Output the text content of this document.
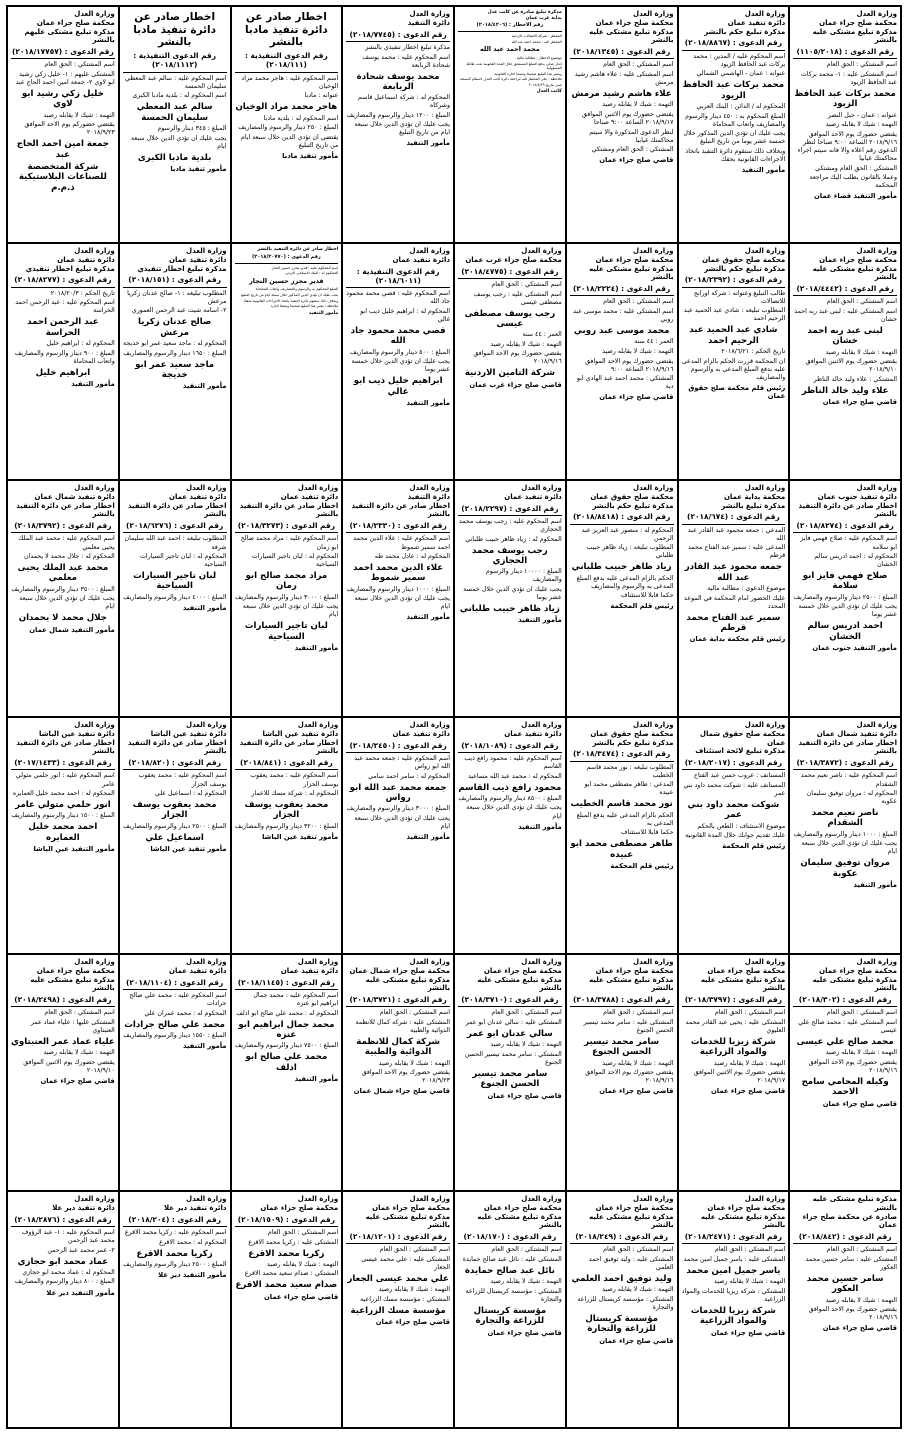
وزارة العدل
محكمة صلح جزاء عمان
مذكرة تبليغ مشتكى عليه بالنشر
رقم الدعوى : (١١٠٥/٢٠١٨)

اسم المشتكي : الحق العام

اسم المشتكى عليه : ١- محمد بركات عبد الحافظ الزيود

محمد بركات عبد الحافظ الزيود

عنوانه : عمان - جبل النصر

التهمة : شيك لا يقابله رصيد

يقتضي حضورك يوم الاحد الموافق ٢٠١٨/٩/١٦ الساعة ٩:٠٠ صباحا لنظر الدعوى رقم اعلاه والا فانه سيتم اجراء محاكمتك غيابيا

المشتكي : الحق العام ومشتكي

وعملا بالقانون يطلب اليك مراجعة المحكمة

مأمور التنفيذ قضاء عمان
وزارة العدل
دائرة تنفيذ عمان
مذكرة تبليغ حكم بالنشر
رقم الدعوى : (٢٠١٨/٨٨٦٧)

اسم المحكوم عليه / المدين : محمد بركات عبد الحافظ الزيود

عنوانه : عمان - الهاشمي الشمالي

محمد بركات عبد الحافظ الزيود

المحكوم له / الدائن : البنك العربي

المبلغ المحكوم به : ٤٥٠ دينار والرسوم والمصاريف واتعاب المحاماة

يجب عليك ان تؤدي الدين المذكور خلال خمسة عشر يوما من تاريخ التبليغ

وبخلاف ذلك ستقوم دائرة التنفيذ باتخاذ الاجراءات القانونية بحقك

مأمور التنفيذ
وزارة العدل
محكمة صلح جزاء عمان
مذكرة تبليغ مشتكى عليه بالنشر
رقم الدعوى : (٢٠١٨/١٣٤٥)

اسم المشتكي : الحق العام

اسم المشتكى عليه : علاء هاشم رشيد مرمش

علاء هاشم رشيد مرمش

التهمة : شيك لا يقابله رصيد

يقتضي حضورك يوم الاثنين الموافق ٢٠١٨/٩/١٧ الساعة ٩:٠٠ صباحا

لنظر الدعوى المذكورة والا سيتم محاكمتك غيابيا

المشتكي : الحق العام ومشتكي

قاضي صلح جزاء عمان
مذكرة تبليغ صادرة عن كاتب عدل
بداية غرب عمان
رقم الاخطار : (٢٠١٨/٤٢٠٦)

المخطر : شركة الاتصالات الاردنية

المخطر اليه : محمد احمد عبد الله

محمد احمد عبد الله

موضوع الاخطار : مطالبة مالية

انذار عدلي بدفع المبلغ المستحق خلال المدة القانونية تحت طائلة المسؤولية

ويعتبر هذا التبليغ صحيحا ومنتجا لاثاره القانونية

ملاحظة : على المخطر اليه مراجعة دائرة كاتب العدل لاستلام النسخة

صدر بتاريخ ٢٠١٨/٨/٢٩

كاتب العدل
وزارة العدل
دائرة التنفيذ
رقم الدعوى : (٢٠١٨/٧٧٤٥)

مذكرة تبليغ اخطار تنفيذي بالنشر

اسم المحكوم عليه : محمد يوسف شحادة الربابعة

محمد يوسف شحادة الربابعة

المحكوم له : شركة اسماعيل قاسم وشركاه

المبلغ : ١٢٠٠ دينار والرسوم والمصاريف

يجب عليك ان تؤدي الدين خلال سبعة ايام من تاريخ التبليغ

مأمور التنفيذ
اخطار صادر عن دائرة تنفيذ مادبا بالنشر
رقم الدعوى التنفيذية : (٢٠١٨/١١١)

اسم المحكوم عليه : هاجر محمد مراد الوخيان

عنوانه : مادبا

هاجر محمد مراد الوخيان

اسم المحكوم له : بلدية مادبا

المبلغ : ٢٥٠ دينار والرسوم والمصاريف

يقتضي ان تؤدي الدين خلال سبعة ايام من تاريخ التبليغ

مأمور تنفيذ مادبا
اخطار صادر عن دائرة تنفيذ مادبا بالنشر
رقم الدعوى التنفيذية : (٢٠١٨/١١١٢)

اسم المحكوم عليه : سالم عبد المعطي سليمان الحمسة

اسم المحكوم له : بلدية مادبا الكبرى

سالم عبد المعطي سليمان الحمسة

المبلغ : ٣٤٥ دينار والرسوم

يجب عليك ان تؤدي الدين خلال سبعة ايام

بلدية مادبا الكبرى
مأمور تنفيذ مادبا
وزارة العدل
محكمة صلح جزاء عمان
مذكرة تبليغ مشتكى عليهم بالنشر
رقم الدعوى : (٢٠١٨/١٧٧٥٧)

اسم المشتكي : الحق العام

المشتكى عليهم : ١- خليل زكي رشيد ابو لاوي ٢- جمعة امين احمد الحاج عبد

خليل زكي رشيد ابو لاوي

التهمة : شيك لا يقابله رصيد

يقتضي حضوركم يوم الاحد الموافق ٢٠١٨/٩/٢٣

جمعة امين احمد الحاج عبد
شركة المتخصصة للصناعات البلاستيكية ذ.م.م
وزارة العدل
محكمة صلح جزاء عمان
مذكرة تبليغ مشتكى عليه بالنشر
رقم الدعوى : (٢٠١٨/٤٤٤٢)

اسم المشتكي : الحق العام

اسم المشتكى عليه : لبنى عبد ربه احمد خشان

لبنى عبد ربه احمد خشان

التهمة : شيك لا يقابله رصيد

يقتضي حضورك يوم الاثنين الموافق ٢٠١٨/٩/١٠

المشتكي : علاء وليد خالد الناظر

علاء وليد خالد الناظر
قاضي صلح جزاء عمان
وزارة العدل
محكمة صلح حقوق عمان
مذكرة تبليغ حكم بالنشر
رقم الدعوى : (٢٠١٨/٢٣٩٢)

طالب التبليغ وعنوانه : شركة اورانج للاتصالات

المطلوب تبليغه : شادي عبد الحميد عبد الرحيم احمد

شادي عبد الحميد عبد الرحيم احمد

تاريخ الحكم : ٢٠١٨/٦/٢١

ان المحكمة قررت الحكم بالزام المدعى عليه بدفع المبلغ المدعى به والرسوم والمصاريف

رئيس قلم محكمة صلح حقوق عمان
وزارة العدل
محكمة صلح جزاء عمان
مذكرة تبليغ مشتكى عليه بالنشر
رقم الدعوى : (٢٠١٨/٢٢٢٤)

اسم المشتكي : الحق العام

اسم المشتكى عليه : محمد موسى عبد روبي

محمد موسى عبد روبي

العمر : ٤٤ سنة

التهمة : شيك لا يقابله رصيد

يقتضي حضورك يوم الاحد الموافق ٢٠١٨/٩/١٦ الساعة ٩:٠٠

المشتكي : محمد احمد عبد الهادي ابو دية

قاضي صلح جزاء عمان
وزارة العدل
محكمة صلح جزاء غرب عمان
رقم الدعوى : (٢٠١٨/٤٧٧٥)

اسم المشتكي : الحق العام

اسم المشتكى عليه : رجب يوسف مصطفى عيسى

رجب يوسف مصطفى عيسى

العمر : ٤٤ سنة

التهمة : شيك لا يقابله رصيد

يقتضي حضورك يوم الاحد الموافق ٢٠١٨/٩/١٦

شركة التامين الاردنية
قاضي صلح جزاء غرب عمان
وزارة العدل
دائرة تنفيذ عمان
رقم الدعوى التنفيذية : (٢٠١٨/٦٠١١)

اسم المحكوم عليه : قصي محمد محمود جاد الله

المحكوم له : ابراهيم خليل ذيب ابو غالي

قصي محمد محمود جاد الله

المبلغ : ٥٠٠ دينار والرسوم والمصاريف

يجب عليك ان تؤدي الدين خلال خمسة عشر يوما

ابراهيم خليل ذيب ابو غالي
مأمور التنفيذ
اخطار صادر عن دائرة التنفيذ بالنشر
رقم الدعوى : (٢٠١٨/٢٠٧٧٠)

اسم المحكوم عليه : قدير محرز حسين النجار

المحكوم له : البنك الاسلامي الاردني

قدير محرز حسين النجار

المبلغ المحكوم به والرسوم والمصاريف واتعاب المحاماة

يجب عليك ان تؤدي الدين المذكور خلال سبعة ايام من تاريخ التبليغ

وبخلاف ذلك ستقوم دائرة التنفيذ باتخاذ الاجراءات القانونية بحقك

ملاحظة : يعتبر هذا التبليغ صحيحا ومنتجا لاثاره

مأمور التنفيذ
وزارة العدل
دائرة تنفيذ عمان
مذكرة تبليغ اخطار تنفيذي
رقم الدعوى : (٢٠١٨/١٥١)

المطلوب تبليغه : ١- صالح عدنان زكريا مرعش

٢- اسامة شيت عبد الرحمن العموري

صالح عدنان زكريا مرعش

المحكوم له : ماجد سعيد عمر ابو خديجة

المبلغ : ١٦٥٠ دينار والرسوم والمصاريف

ماجد سعيد عمر ابو خديجة
مأمور التنفيذ
وزارة العدل
دائرة تنفيذ عمان
مذكرة تبليغ اخطار تنفيذي
رقم الدعوى : (٢٠١٨/٨٢٧٧)

تاريخ الحكم : ٢٠١٨/٢٠/٣

اسم المحكوم عليه : عبد الرحمن احمد الحراسة

عبد الرحمن احمد الحراسة

المحكوم له : ابراهيم خليل

المبلغ : ٩٠٠ دينار والرسوم والمصاريف واتعاب المحاماة

ابراهيم خليل
مأمور التنفيذ
وزارة العدل
دائرة تنفيذ جنوب عمان
اخطار صادر عن دائرة التنفيذ بالنشر
رقم الدعوى : (٢٠١٨/٨٢٧٤)

اسم المحكوم عليه : صلاح فهمي فايز ابو سلامة

المحكوم له : احمد ادريس سالم الخشان

صلاح فهمي فايز ابو سلامة

المبلغ : ٢٥٠٠ دينار والرسوم والمصاريف

يجب عليك ان تؤدي الدين خلال خمسة عشر يوما

احمد ادريس سالم الخشان
مأمور التنفيذ جنوب عمان
وزارة العدل
محكمة بداية عمان
مذكرة تبليغ بالنشر
رقم الدعوى : (٢٠١٨/٦٧٤)

المدعي : جمعه محمود عبد القادر عبد الله

المدعى عليه : سمير عبد الفتاح محمد قرطم

جمعه محمود عبد القادر عبد الله

موضوع الدعوى : مطالبة مالية

عليك الحضور امام المحكمة في الموعد المحدد

سمير عبد الفتاح محمد قرطم
رئيس قلم محكمة بداية عمان
وزارة العدل
محكمة صلح حقوق عمان
مذكرة تبليغ حكم بالنشر
رقم الدعوى : (٢٠١٨/٨٤١٨)

المحكوم له : منصور عبد العزيز عبد الرحمن

المطلوب تبليغه : زياد ظاهر حبيب طلباني

زياد ظاهر حبيب طلباني

الحكم بالزام المدعى عليه بدفع المبلغ المدعى به والرسوم والمصاريف

حكما قابلا للاستئناف

رئيس قلم المحكمة
وزارة العدل
دائرة تنفيذ عمان
رقم الدعوى : (٢٠١٨/٢٢٩٧)

اسم المحكوم عليه : رجب يوسف محمد الحجازي

المحكوم له : زياد ظاهر حبيب طلباني

رجب يوسف محمد الحجازي

المبلغ : ١٠٠٠٠ دينار والرسوم والمصاريف

يجب عليك ان تؤدي الدين خلال خمسة عشر يوما

زياد ظاهر حبيب طلباني
مأمور التنفيذ
وزارة العدل
دائرة التنفيذ
اخطار صادر عن دائرة التنفيذ بالنشر
رقم الدعوى : (٢٠١٨/٢٣٣٠)

اسم المحكوم عليه : علاء الدين محمد احمد سمير شموط

المحكوم له : عادل محمد طه

علاء الدين محمد احمد سمير شموط

المبلغ : ١٠٠٠ دينار والرسوم والمصاريف

يجب عليك ان تؤدي الدين خلال سبعة ايام

مأمور التنفيذ
وزارة العدل
دائرة تنفيذ عمان
اخطار صادر عن دائرة التنفيذ بالنشر
رقم الدعوى : (٢٠١٨/٣٢٧٣)

اسم المحكوم عليه : مراد محمد صالح ابو رمان

المحكوم له : لبان تاجير السيارات السياحية

مراد محمد صالح ابو رمان

المبلغ : ٣٠٠٠ دينار والرسوم والمصاريف

يجب عليك ان تؤدي الدين خلال سبعة ايام

لبان تاجير السيارات السياحية
مأمور التنفيذ
وزارة العدل
دائرة تنفيذ عمان
اخطار صادر عن دائرة التنفيذ بالنشر
رقم الدعوى : (٢٠١٨/٦٢٧٦)

المطلوب تبليغه : احمد عبد الله سليمان شرفة

المحكوم له : لبان تاجير السيارات السياحية

لبان تاجير السيارات السياحية

المبلغ : ٤٠٠٠ دينار والرسوم والمصاريف

مأمور التنفيذ
وزارة العدل
دائرة تنفيذ شمال عمان
اخطار صادر عن دائرة التنفيذ بالنشر
رقم الدعوى : (٢٠١٨/٣٧٩٢)

اسم المحكوم عليه : محمد عبد الملك يحيى معلمي

المحكوم له : جلال محمد لا يحمدان

محمد عبد الملك يحيى معلمي

المبلغ : ٣٥٠٠ دينار والرسوم والمصاريف

يجب عليك ان تؤدي الدين خلال سبعة ايام

جلال محمد لا يحمدان
مأمور التنفيذ شمال عمان
وزارة العدل
دائرة تنفيذ شمال عمان
اخطار صادر عن دائرة التنفيذ بالنشر
رقم الدعوى : (٢٠١٨/٣٨٧٢)

اسم المحكوم عليه : ناصر نعيم محمد الشقدام

المحكوم له : مروان توفيق سليمان عكوبة

ناصر نعيم محمد الشقدام

المبلغ : ١٠٠٠ دينار والرسوم والمصاريف

يجب عليك ان تؤدي الدين خلال سبعة ايام

مروان توفيق سليمان عكوبة
مأمور التنفيذ
وزارة العدل
محكمة صلح حقوق شمال عمان
مذكرة تبليغ لائحة استئناف
رقم الدعوى : (٢٠١٨/٢٠١٧)

المستانف : عروب حسن عبد الفتاح

المستانف عليه : شوكت محمد داود بني عمر

شوكت محمد داود بني عمر

موضوع الاستئناف : الطعن بالحكم

عليك تقديم جوابك خلال المدة القانونية

رئيس قلم المحكمة
وزارة العدل
محكمة صلح حقوق عمان
مذكرة تبليغ حكم بالنشر
رقم الدعوى : (٢٠١٨/٣٤٧٤)

المطلوب تبليغه : نور محمد قاسم الخطيب

المدعي : طاهر مصطفى محمد ابو عبيده

نور محمد قاسم الخطيب

الحكم بالزام المدعى عليه بدفع المبلغ المدعى به

حكما قابلا للاستئناف

طاهر مصطفى محمد ابو عبيده
رئيس قلم المحكمة
وزارة العدل
دائرة تنفيذ عمان
رقم الدعوى : (٢٠١٨/١٠٨٩)

اسم المحكوم عليه : محمود رافع ذيب القاسم

المحكوم له : محمد عبد الله مساعيد

محمود رافع ذيب القاسم

المبلغ : ٨٥٠٠ دينار والرسوم والمصاريف

يجب عليك ان تؤدي الدين خلال سبعة ايام

مأمور التنفيذ
وزارة العدل
دائرة تنفيذ عمان
رقم الدعوى : (٢٠١٨/٢٤٥٠)

اسم المحكوم عليه : جمعه محمد عبد الله ابو رواس

المحكوم له : سامر احمد سامي

جمعه محمد عبد الله ابو رواس

المبلغ : ٣٠٠٠ دينار والرسوم والمصاريف

يجب عليك ان تؤدي الدين خلال سبعة ايام

مأمور التنفيذ
وزارة العدل
دائرة تنفيذ عين الباشا
اخطار صادر عن دائرة التنفيذ بالنشر
رقم الدعوى : (٢٠١٨/٨٤١)

اسم المحكوم عليه : محمد يعقوب يوسف الجزار

المحكوم له : شركة مسك للاعمار

محمد يعقوب يوسف الجزار

المبلغ : ٣٢٠٠ دينار والرسوم والمصاريف

مأمور تنفيذ عين الباشا
وزارة العدل
دائرة تنفيذ عين الباشا
اخطار صادر عن دائرة التنفيذ بالنشر
رقم الدعوى : (٢٠١٨/٨٢٠)

اسم المحكوم عليه : محمد يعقوب يوسف الجزار

المحكوم له : اسماعيل علي

محمد يعقوب يوسف الجزار

المبلغ : ٢٥٠٠ دينار والرسوم والمصاريف

اسماعيل علي
مأمور تنفيذ عين الباشا
وزارة العدل
دائرة تنفيذ عين الباشا
اخطار صادر عن دائرة التنفيذ بالنشر
رقم الدعوى : (٢٠١٧/١٤٣٣)

اسم المحكوم عليه : انور حلمي متولي عامر

المحكوم له : احمد محمد خليل العمايره

انور حلمي متولي عامر

المبلغ : ١٥٠٠ دينار والرسوم والمصاريف

احمد محمد خليل العمايره
مأمور التنفيذ عين الباشا
وزارة العدل
محكمة صلح جزاء عمان
مذكرة تبليغ مشتكى عليه بالنشر
رقم الدعوى : (٢٠١٨/٣٠٢)

اسم المشتكي : الحق العام

اسم المشتكى عليه : محمد صالح علي عيسى

محمد صالح علي عيسى

التهمة : شيك لا يقابله رصيد

يقتضي حضورك يوم الاحد الموافق ٢٠١٨/٩/١٦

وكيله المحامي سامح الاحمد
قاضي صلح جزاء عمان
وزارة العدل
محكمة صلح جزاء عمان
مذكرة تبليغ مشتكى عليه بالنشر
رقم الدعوى : (٢٠١٨/٣٧٩٧)

اسم المشتكي : الحق العام

المشتكى عليه : يحيى عبد القادر محمد العليوي

شركة زيزيا للخدمات والمواد الزراعية

التهمة : شيك لا يقابله رصيد

يقتضي حضورك يوم الاثنين الموافق ٢٠١٨/٩/١٧

قاضي صلح جزاء عمان
وزارة العدل
محكمة صلح جزاء عمان
مذكرة تبليغ مشتكى عليه بالنشر
رقم الدعوى : (٢٠١٨/٣٧٨٨)

اسم المشتكي : الحق العام

المشتكى عليه : سامر محمد تيسير الحسن الجنوع

سامر محمد تيسير الحسن الجنوع

التهمة : شيك لا يقابله رصيد

يقتضي حضورك يوم الاحد الموافق ٢٠١٨/٩/١٦

قاضي صلح جزاء عمان
وزارة العدل
محكمة صلح جزاء عمان
مذكرة تبليغ مشتكى عليه بالنشر
رقم الدعوى : (٢٠١٨/٣٧١٠)

اسم المشتكي : الحق العام

المشتكى عليه : سالي عدنان ابو عمر

سالي عدنان ابو عمر

التهمة : شيك لا يقابله رصيد

المشتكي : سامر محمد تيسير الحسن الجنوع

سامر محمد تيسير الحسن الجنوع
قاضي صلح جزاء عمان
وزارة العدل
محكمة صلح جزاء شمال عمان
مذكرة تبليغ مشتكى عليه بالنشر
رقم الدعوى : (٢٠١٨/٣٧٢١)

اسم المشتكي : الحق العام

المشتكى عليه : شركة كمال للانظمة الدوائية والطبية

شركة كمال للانظمة الدوائية والطبية

التهمة : شيك لا يقابله رصيد

يقتضي حضورك يوم الاحد الموافق ٢٠١٨/٩/٢٣

قاضي صلح جزاء شمال عمان
وزارة العدل
دائرة تنفيذ عمان
رقم الدعوى : (٢٠١٨/١١٤٥)

اسم المحكوم عليه : محمد جمال ابراهيم ابو عنزه

المحكوم له : محمد علي صالح ابو ادلف

محمد جمال ابراهيم ابو عنزه

المبلغ : ٧٥٠٠ دينار والرسوم والمصاريف

محمد علي صالح ابو ادلف
مأمور التنفيذ
وزارة العدل
دائرة تنفيذ عمان
رقم الدعوى : (٢٠١٨/١١٠٤)

اسم المحكوم عليه : محمد علي صالح جرادات

المحكوم له : محمد عمران علي

محمد علي صالح جرادات

المبلغ : ١٥٥٠ دينار والرسوم والمصاريف

مأمور التنفيذ
وزارة العدل
محكمة صلح جزاء عمان
مذكرة تبليغ مشتكى عليه بالنشر
رقم الدعوى : (٢٠١٨/٢٤٩٨)

اسم المشتكي : الحق العام

المشتكى عليها : علياء عماد عمر العنبتاوي

علياء عماد عمر العنبتاوي

التهمة : شيك لا يقابله رصيد

يقتضي حضورك يوم الاثنين الموافق ٢٠١٨/٩/١٠

قاضي صلح جزاء عمان
مذكرة تبليغ مشتكى عليه بالنشر
صادرة عن محكمة صلح جزاء عمان
رقم الدعوى : (٢٠١٨/٨٤٢)

اسم المشتكي : الحق العام

المشتكى عليه : سامر حسين محمد العكور

سامر حسين محمد العكور

التهمة : شيك لا يقابله رصيد

يقتضي حضورك يوم الاحد الموافق ٢٠١٨/٩/١٦

قاضي صلح جزاء عمان
وزارة العدل
محكمة صلح جزاء عمان
مذكرة تبليغ مشتكى عليه بالنشر
رقم الدعوى : (٢٠١٨/٢٤٧١)

اسم المشتكي : الحق العام

المشتكى عليه : ياسر جميل امين محمد

ياسر جميل امين محمد

التهمة : شيك لا يقابله رصيد

المشتكي : شركة زيزيا للخدمات والمواد الزراعية

شركة زيزيا للخدمات والمواد الزراعية
قاضي صلح جزاء عمان
وزارة العدل
محكمة صلح جزاء عمان
مذكرة تبليغ مشتكى عليه بالنشر
رقم الدعوى : (٢٠١٨/٢٤٩)

اسم المشتكي : الحق العام

المشتكى عليه : وليد توفيق احمد العلمي

وليد توفيق احمد العلمي

التهمة : شيك لا يقابله رصيد

المشتكي : مؤسسة كريستال للزراعة والتجارة

مؤسسة كريستال للزراعة والتجارة
قاضي صلح جزاء عمان
وزارة العدل
محكمة صلح جزاء عمان
مذكرة تبليغ مشتكى عليه بالنشر
رقم الدعوى : (٢٠١٨/١٧٠)

اسم المشتكي : الحق العام

المشتكى عليه : نائل عبد صالح حمايدة

نائل عبد صالح حمايدة

التهمة : شيك لا يقابله رصيد

المشتكي : مؤسسة كريستال للزراعة والتجارة

مؤسسة كريستال للزراعة والتجارة
قاضي صلح جزاء عمان
وزارة العدل
محكمة صلح جزاء عمان
مذكرة تبليغ مشتكى عليه بالنشر
رقم الدعوى : (٢٠١٨/١٢٠١)

اسم المشتكي : الحق العام

المشتكى عليه : علي محمد عيسى الجعار

علي محمد عيسى الجعار

التهمة : شيك لا يقابله رصيد

المشتكي : مؤسسة مسك الزراعية

مؤسسة مسك الزراعية
قاضي صلح جزاء عمان
وزارة العدل
محكمة صلح جزاء عمان
رقم الدعوى : (٢٠١٨/١٥٠٩)

اسم المشتكي : الحق العام

المشتكى عليه : زكريا محمد الاقرع

زكريا محمد الاقرع

التهمة : شيك لا يقابله رصيد

المشتكي : صدام سعيد محمد الاقرع

صدام سعيد محمد الاقرع
قاضي صلح جزاء عمان
وزارة العدل
دائرة تنفيذ دير علا
رقم الدعوى : (٢٠١٨/٢٠٤)

اسم المحكوم عليه : زكريا محمد الاقرع

المحكوم له : محمد الاقرع

زكريا محمد الاقرع

المبلغ : ٢٥٠٠ دينار والرسوم والمصاريف

مأمور التنفيذ دير علا
وزارة العدل
دائرة تنفيذ دير علا
رقم الدعوى : (٢٠١٨/٢٨٧٦)

اسم المحكوم عليه : ١- عبد الرؤوف محمد عبد الرحمن

٢- عمر محمد عبد الرحمن

عماد محمد ابو حجازي

المحكوم له : عماد محمد ابو حجازي

المبلغ : ٨٠٠ دينار والرسوم والمصاريف

مأمور التنفيذ دير علا
